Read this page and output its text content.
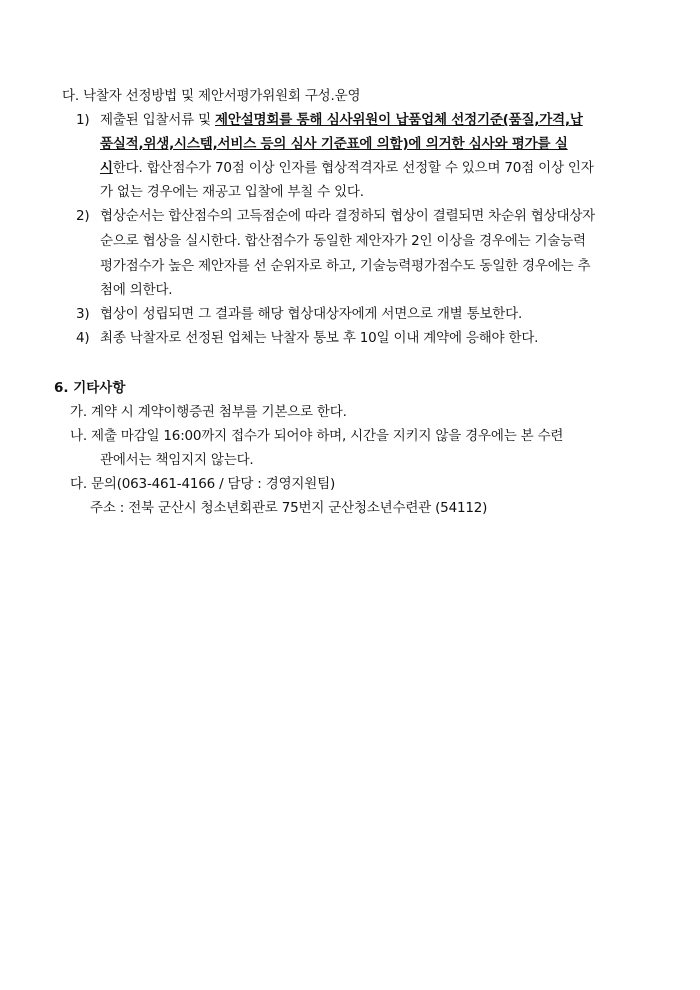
다. 낙찰자 선정방법 및 제안서평가위원회 구성.운영
1) 제출된 입찰서류 및 제안설명회를 통해 심사위원이 납품업체 선정기준(품질,가격,납
품실적,위생,시스템,서비스 등의 심사 기준표에 의함)에 의거한 심사와 평가를 실
시한다. 합산점수가 70점 이상 인자를 협상적격자로 선정할 수 있으며 70점 이상 인자
가 없는 경우에는 재공고 입찰에 부칠 수 있다.
2) 협상순서는 합산점수의 고득점순에 따라 결정하되 협상이 결렬되면 차순위 협상대상자
순으로 협상을 실시한다. 합산점수가 동일한 제안자가 2인 이상을 경우에는 기술능력
평가점수가 높은 제안자를 선 순위자로 하고, 기술능력평가점수도 동일한 경우에는 추
첨에 의한다.
3) 협상이 성립되면 그 결과를 해당 협상대상자에게 서면으로 개별 통보한다.
4) 최종 낙찰자로 선정된 업체는 낙찰자 통보 후 10일 이내 계약에 응해야 한다.
6. 기타사항
가. 계약 시 계약이행증권 첨부를 기본으로 한다.
나. 제출 마감일 16:00까지 접수가 되어야 하며, 시간을 지키지 않을 경우에는 본 수련
관에서는 책임지지 않는다.
다. 문의(063-461-4166 / 담당 : 경영지원팀)
주소 : 전북 군산시 청소년회관로 75번지 군산청소년수련관 (54112)
